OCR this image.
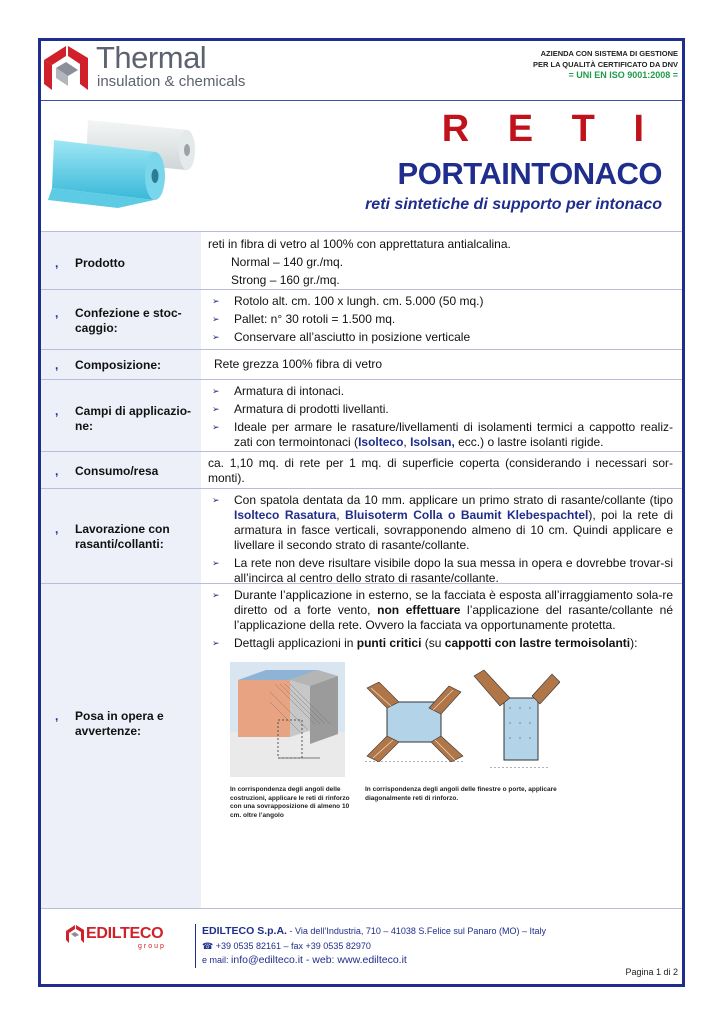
Thermal
insulation & chemicals
AZIENDA CON SISTEMA DI GESTIONE
PER LA QUALITÀ CERTIFICATO DA DNV
= UNI EN ISO 9001:2008 =
R E T I
PORTAINTONACO
reti sintetiche di supporto per intonaco
, Prodotto

reti in fibra di vetro al 100% con apprettatura antialcalina.

Normal – 140 gr./mq.

Strong – 160 gr./mq.

, Confezione e stoc-caggio:
➢ Rotolo alt. cm. 100 x lungh. cm. 5.000 (50 mq.)
➢ Pallet: n° 30 rotoli = 1.500 mq.
➢ Conservare all’asciutto in posizione verticale
, Composizione:	Rete grezza 100% fibra di vetro
, Campi di applicazio-ne:
➢ Armatura di intonaci.
➢ Armatura di prodotti livellanti.
➢ Ideale per armare le rasature/livellamenti di isolamenti termici a cappotto realiz-zati con termointonaci (Isolteco, Isolsan, ecc.) o lastre isolanti rigide.
, Consumo/resa
ca. 1,10 mq. di rete per 1 mq. di superficie coperta (considerando i necessari sor-monti).
, Lavorazione con rasanti/collanti:
➢ Con spatola dentata da 10 mm. applicare un primo strato di rasante/collante (tipo Isolteco Rasatura, Bluisoterm Colla o Baumit Klebespachtel), poi la rete di armatura in fasce verticali, sovrapponendo almeno di 10 cm. Quindi applicare e livellare il secondo strato di rasante/collante.
➢ La rete non deve risultare visibile dopo la sua messa in opera e dovrebbe trovar-si all’incirca al centro dello strato di rasante/collante.
, Posa in opera e avvertenze:
➢ Durante l’applicazione in esterno, se la facciata è esposta all’irraggiamento sola-re diretto od a forte vento, non effettuare l’applicazione del rasante/collante né l’applicazione della rete. Ovvero la facciata va opportunamente protetta.
➢ Dettagli applicazioni in punti critici (su cappotti con lastre termoisolanti):
In corrispondenza degli angoli delle costruzioni, applicare le reti di rinforzo con una sovrapposizione di almeno 10 cm. oltre l’angolo
In corrispondenza degli angoli delle finestre o porte, applicare diagonalmente reti di rinforzo.
EDILTECO
group
EDILTECO S.p.A. - Via dell’Industria, 710 – 41038 S.Felice sul Panaro (MO) – Italy
☎ +39 0535 82161 – fax +39 0535 82970
e mail: info@edilteco.it - web: www.edilteco.it
Pagina 1 di 2
